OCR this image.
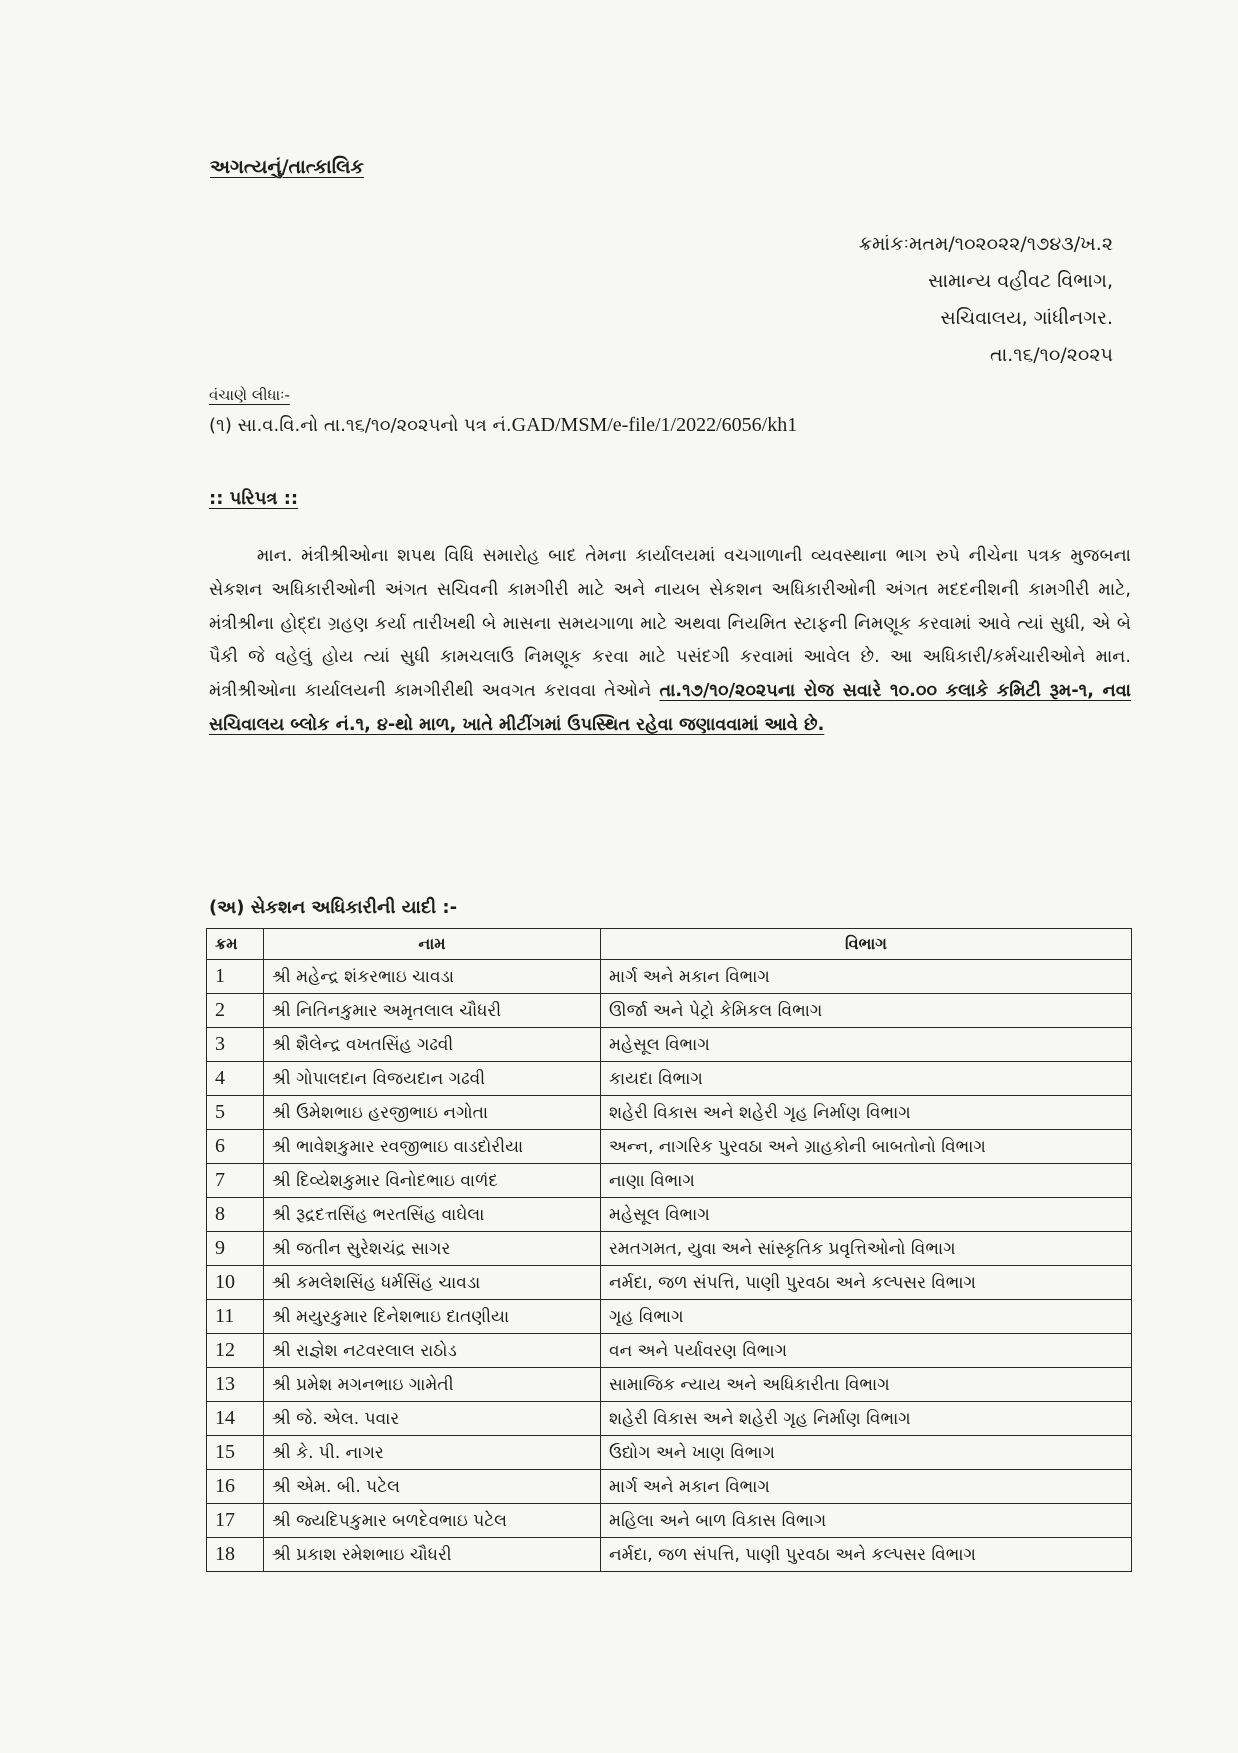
અગત્યનું/તાત્કાલિક
ક્રમાંકઃમતમ/૧૦૨૦૨૨/૧૭૪૩/ખ.૨
સામાન્ય વહીવટ વિભાગ,
સચિવાલય, ગાંધીનગર.
તા.૧૬/૧૦/૨૦૨૫
વંચાણે લીધાઃ-
(૧) સા.વ.વિ.નો તા.૧૬/૧૦/૨૦૨૫નો પત્ર નં.GAD/MSM/e-file/1/2022/6056/kh1
:: પરિપત્ર ::
માન. મંત્રીશ્રીઓના શપથ વિધિ સમારોહ બાદ તેમના કાર્યાલયમાં વચગાળાની વ્યવસ્થાના ભાગ રુપે નીચેના પત્રક મુજબના સેકશન અધિકારીઓની અંગત સચિવની કામગીરી માટે અને નાયબ સેકશન અધિકારીઓની અંગત મદદનીશની કામગીરી માટે, મંત્રીશ્રીના હોદ્દા ગ્રહણ કર્યા તારીખથી બે માસના સમયગાળા માટે અથવા નિયમિત સ્ટાફની નિમણૂક કરવામાં આવે ત્યાં સુધી, એ બે પૈકી જે વહેલું હોય ત્યાં સુધી કામચલાઉ નિમણૂક કરવા માટે પસંદગી કરવામાં આવેલ છે. આ અધિકારી/કર્મચારીઓને માન. મંત્રીશ્રીઓના કાર્યાલયની કામગીરીથી અવગત કરાવવા તેઓને તા.૧૭/૧૦/૨૦૨૫ના રોજ સવારે ૧૦.૦૦ કલાકે કમિટી રૂમ-૧, નવા સચિવાલય બ્લોક નં.૧, ૪-થો માળ, ખાતે મીટીંગમાં ઉપસ્થિત રહેવા જણાવવામાં આવે છે.
(અ) સેકશન અધિકારીની યાદી :-
ક્રમ	નામ	વિભાગ
1	શ્રી મહેન્દ્ર શંકરભાઇ ચાવડા	માર્ગ અને મકાન વિભાગ
2	શ્રી નિતિનકુમાર અમૃતલાલ ચૌધરી	ઊર્જા અને પેટ્રો કેમિકલ વિભાગ
3	શ્રી શૈલેન્દ્ર વખતસિંહ ગઢવી	મહેસૂલ વિભાગ
4	શ્રી ગોપાલદાન વિજયદાન ગઢવી	કાયદા વિભાગ
5	શ્રી ઉમેશભાઇ હરજીભાઇ નગોતા	શહેરી વિકાસ અને શહેરી ગૃહ નિર્માણ વિભાગ
6	શ્રી ભાવેશકુમાર રવજીભાઇ વાડદોરીયા	અન્ન, નાગરિક પુરવઠા અને ગ્રાહકોની બાબતોનો વિભાગ
7	શ્રી દિવ્યેશકુમાર વિનોદભાઇ વાળંદ	નાણા વિભાગ
8	શ્રી રૂદ્રદત્તસિંહ ભરતસિંહ વાઘેલા	મહેસૂલ વિભાગ
9	શ્રી જતીન સુરેશચંદ્ર સાગર	રમતગમત, યુવા અને સાંસ્કૃતિક પ્રવૃત્તિઓનો વિભાગ
10	શ્રી કમલેશસિંહ ધર્મસિંહ ચાવડા	નર્મદા, જળ સંપત્તિ, પાણી પુરવઠા અને કલ્પસર વિભાગ
11	શ્રી મયુરકુમાર દિનેશભાઇ દાતણીયા	ગૃહ વિભાગ
12	શ્રી રાજ્ઞેશ નટવરલાલ રાઠોડ	વન અને પર્યાવરણ વિભાગ
13	શ્રી પ્રમેશ મગનભાઇ ગામેતી	સામાજિક ન્યાય અને અધિકારીતા વિભાગ
14	શ્રી જે. એલ. પવાર	શહેરી વિકાસ અને શહેરી ગૃહ નિર્માણ વિભાગ
15	શ્રી કે. પી. નાગર	ઉદ્યોગ અને ખાણ વિભાગ
16	શ્રી એમ. બી. પટેલ	માર્ગ અને મકાન વિભાગ
17	શ્રી જ્યદિપકુમાર બળદેવભાઇ પટેલ	મહિલા અને બાળ વિકાસ વિભાગ
18	શ્રી પ્રકાશ રમેશભાઇ ચૌધરી	નર્મદા, જળ સંપત્તિ, પાણી પુરવઠા અને કલ્પસર વિભાગ
